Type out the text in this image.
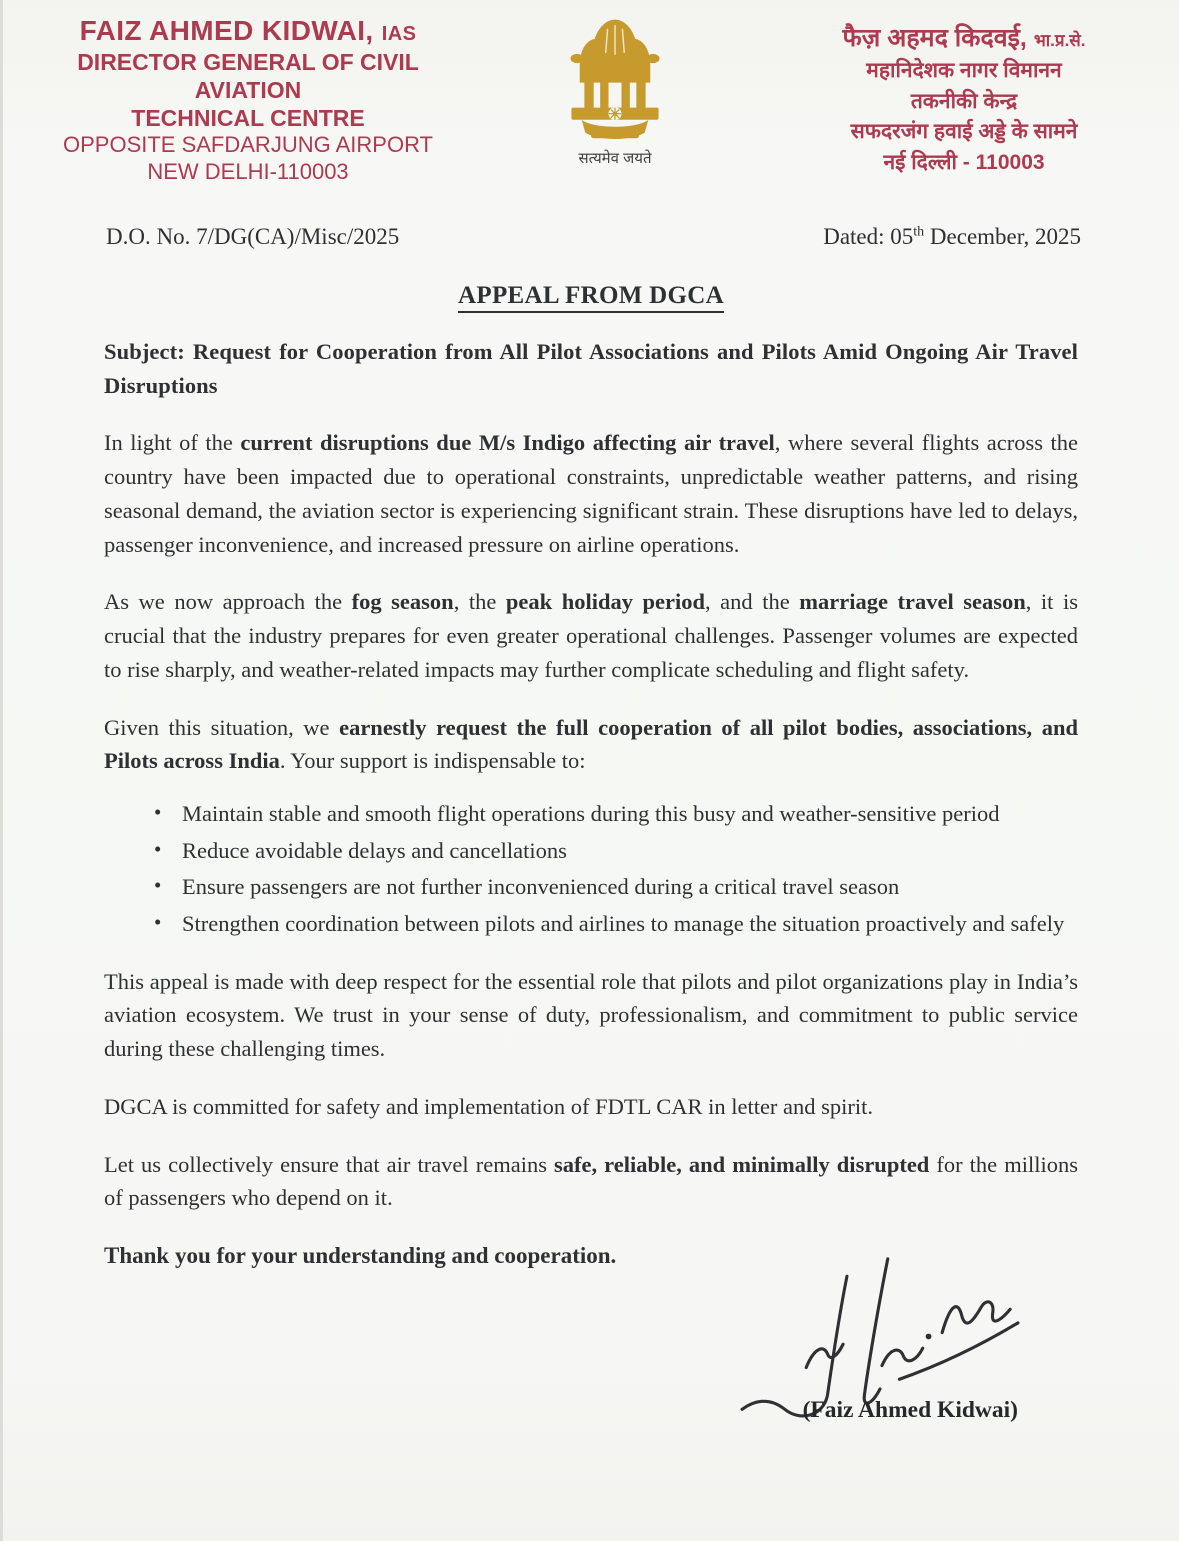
FAIZ AHMED KIDWAI, IAS
DIRECTOR GENERAL OF CIVIL AVIATION
TECHNICAL CENTRE
OPPOSITE SAFDARJUNG AIRPORT
NEW DELHI-110003
सत्यमेव जयते
फैज़ अहमद किदवई, भा.प्र.से.
महानिदेशक नागर विमानन
तकनीकी केन्द्र
सफदरजंग हवाई अड्डे के सामने
नई दिल्ली - 110003
D.O. No. 7/DG(CA)/Misc/2025	Dated: 05th December, 2025
APPEAL FROM DGCA

Subject: Request for Cooperation from All Pilot Associations and Pilots Amid Ongoing Air Travel Disruptions

In light of the current disruptions due M/s Indigo affecting air travel, where several flights across the country have been impacted due to operational constraints, unpredictable weather patterns, and rising seasonal demand, the aviation sector is experiencing significant strain. These disruptions have led to delays, passenger inconvenience, and increased pressure on airline operations.

As we now approach the fog season, the peak holiday period, and the marriage travel season, it is crucial that the industry prepares for even greater operational challenges. Passenger volumes are expected to rise sharply, and weather-related impacts may further complicate scheduling and flight safety.

Given this situation, we earnestly request the full cooperation of all pilot bodies, associations, and Pilots across India. Your support is indispensable to:

• Maintain stable and smooth flight operations during this busy and weather-sensitive period
• Reduce avoidable delays and cancellations
• Ensure passengers are not further inconvenienced during a critical travel season
• Strengthen coordination between pilots and airlines to manage the situation proactively and safely

This appeal is made with deep respect for the essential role that pilots and pilot organizations play in India’s aviation ecosystem. We trust in your sense of duty, professionalism, and commitment to public service during these challenging times.

DGCA is committed for safety and implementation of FDTL CAR in letter and spirit.

Let us collectively ensure that air travel remains safe, reliable, and minimally disrupted for the millions of passengers who depend on it.

Thank you for your understanding and cooperation.

(Faiz Ahmed Kidwai)
